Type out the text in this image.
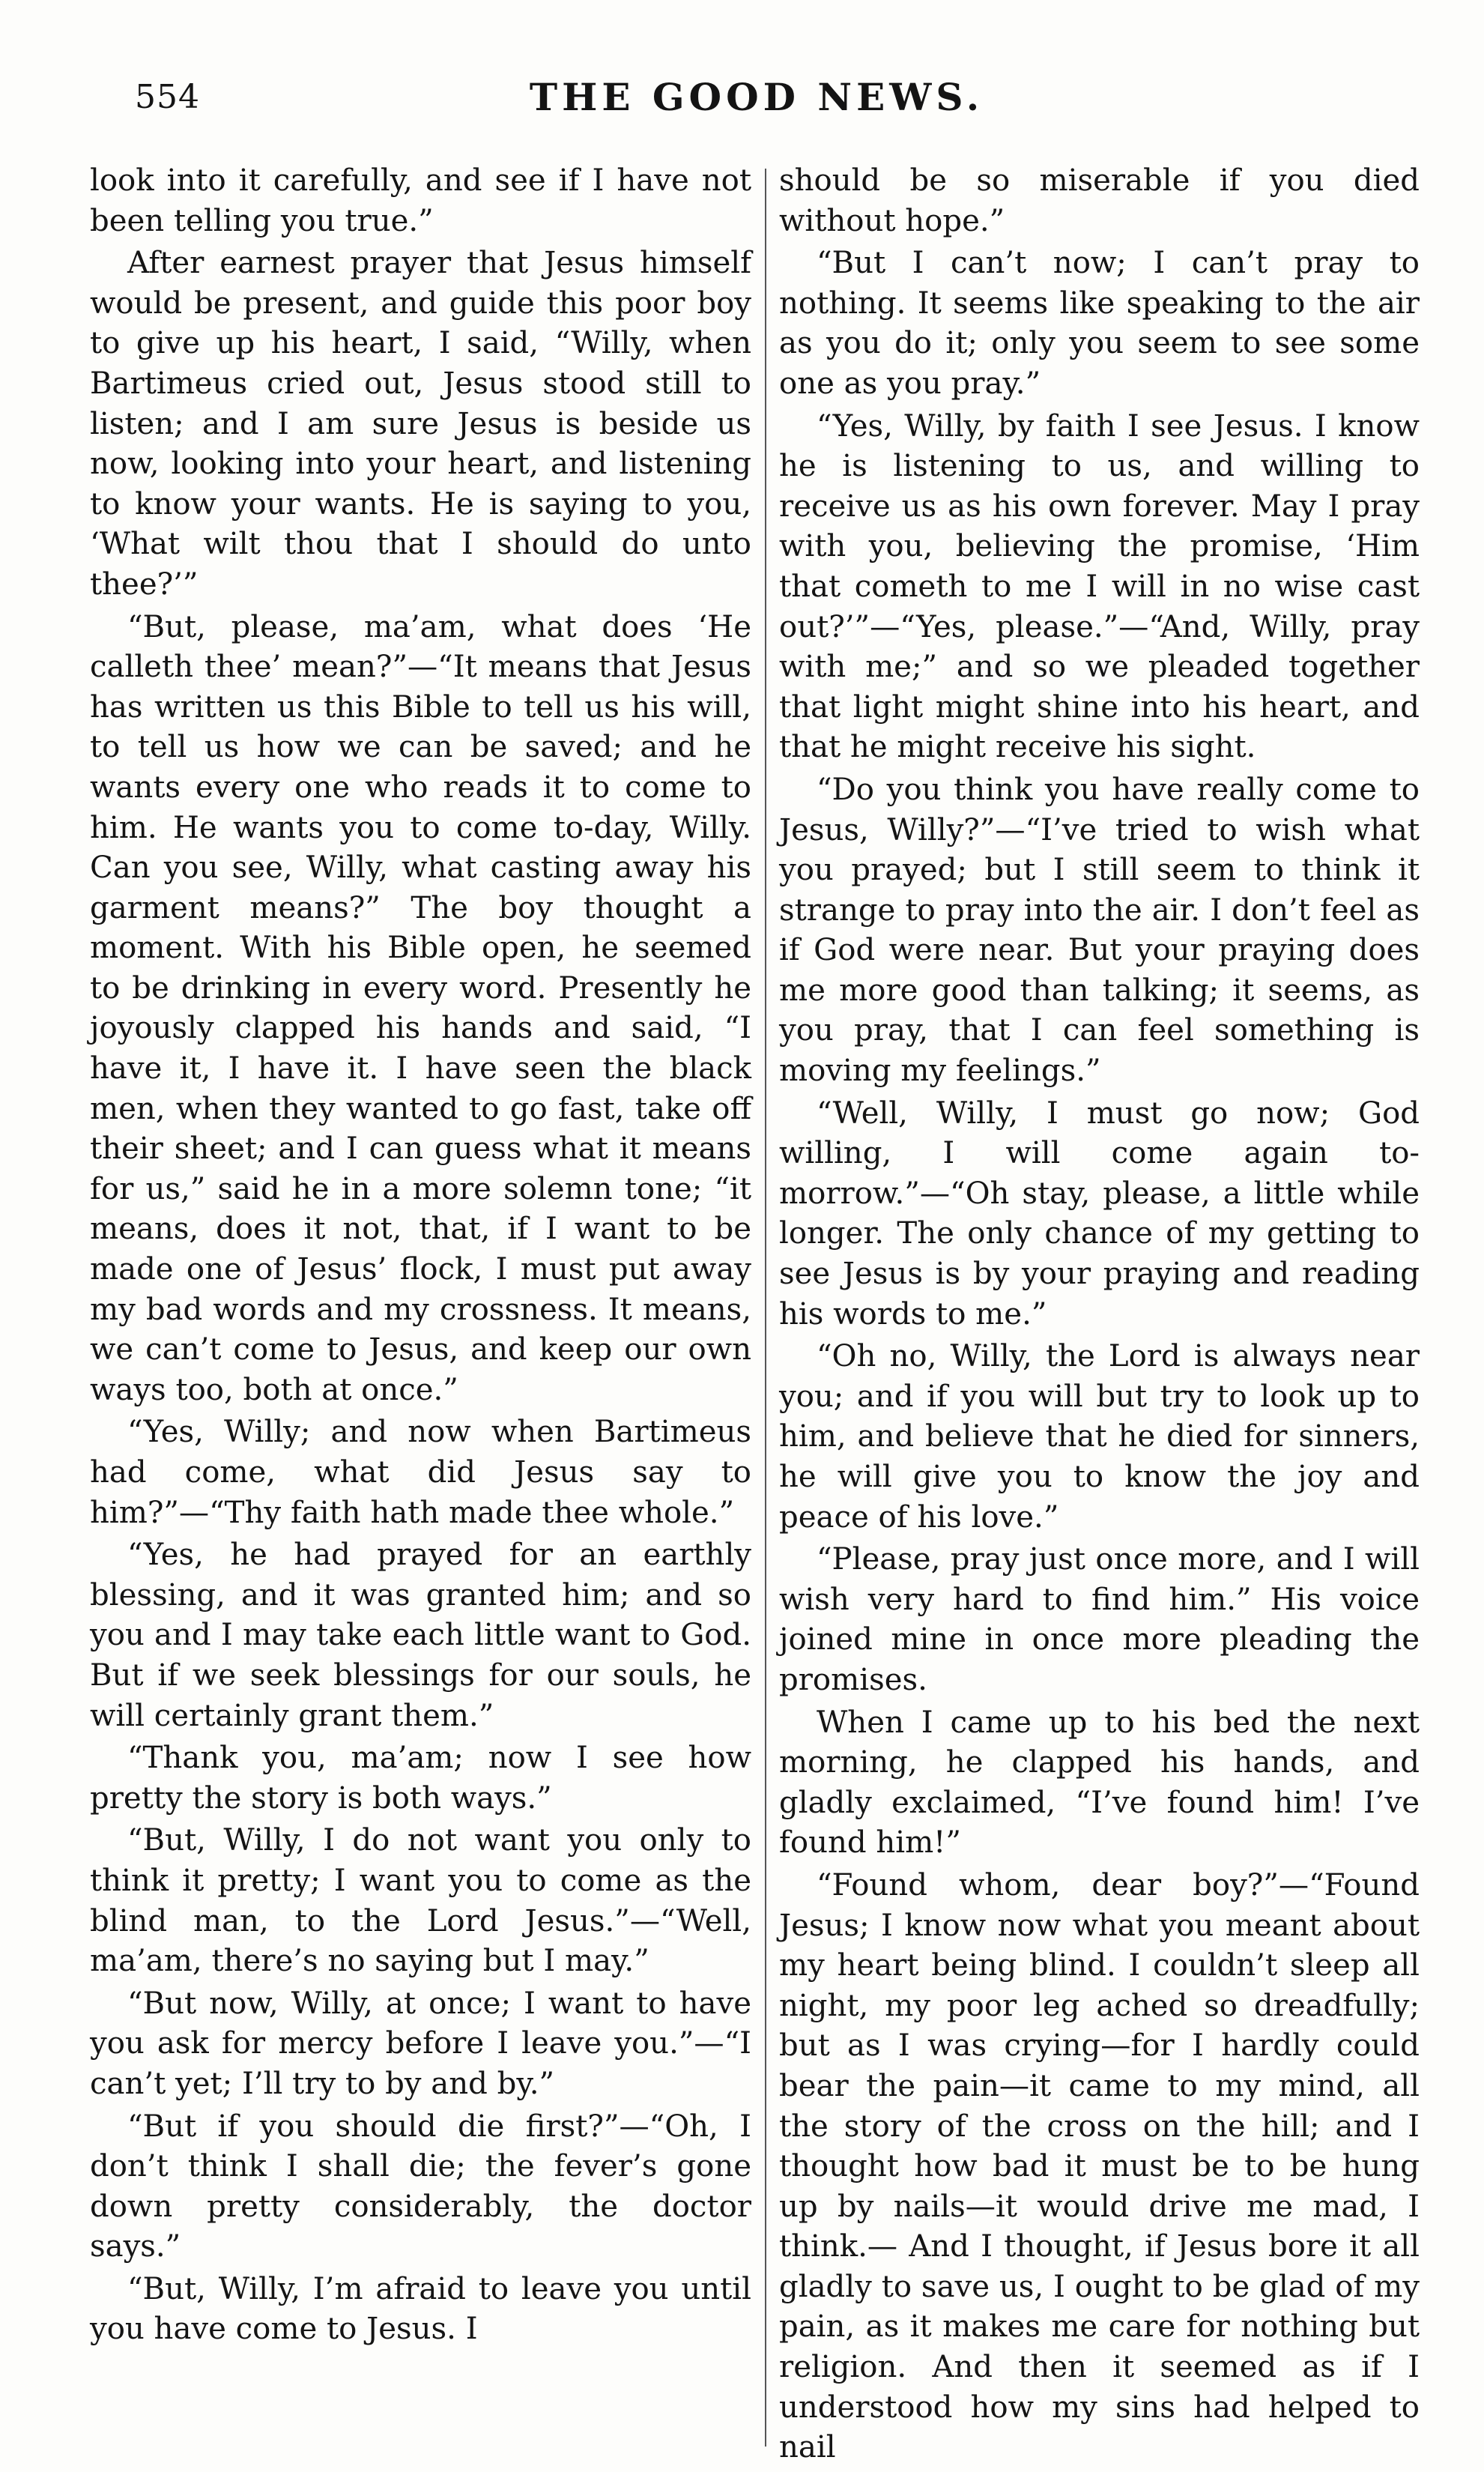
554	THE GOOD NEWS.

look into it carefully, and see if I have not been telling you true.”

After earnest prayer that Jesus himself would be present, and guide this poor boy to give up his heart, I said, “Willy, when Bartimeus cried out, Jesus stood still to listen; and I am sure Jesus is beside us now, looking into your heart, and listening to know your wants. He is saying to you, ‘What wilt thou that I should do unto thee?’”

“But, please, ma’am, what does ‘He calleth thee’ mean?”—“It means that Jesus has written us this Bible to tell us his will, to tell us how we can be saved; and he wants every one who reads it to come to him. He wants you to come to-day, Willy. Can you see, Willy, what casting away his garment means?” The boy thought a moment. With his Bible open, he seemed to be drinking in every word. Presently he joyously clapped his hands and said, “I have it, I have it. I have seen the black men, when they wanted to go fast, take off their sheet; and I can guess what it means for us,” said he in a more solemn tone; “it means, does it not, that, if I want to be made one of Jesus’ flock, I must put away my bad words and my crossness. It means, we can’t come to Jesus, and keep our own ways too, both at once.”

“Yes, Willy; and now when Bartimeus had come, what did Jesus say to him?”—“Thy faith hath made thee whole.”

“Yes, he had prayed for an earthly blessing, and it was granted him; and so you and I may take each little want to God. But if we seek blessings for our souls, he will certainly grant them.”

“Thank you, ma’am; now I see how pretty the story is both ways.”

“But, Willy, I do not want you only to think it pretty; I want you to come as the blind man, to the Lord Jesus.”—“Well, ma’am, there’s no saying but I may.”

“But now, Willy, at once; I want to have you ask for mercy before I leave you.”—“I can’t yet; I’ll try to by and by.”

“But if you should die first?”—“Oh, I don’t think I shall die; the fever’s gone down pretty considerably, the doctor says.”

“But, Willy, I’m afraid to leave you until you have come to Jesus. I

should be so miserable if you died without hope.”

“But I can’t now; I can’t pray to nothing. It seems like speaking to the air as you do it; only you seem to see some one as you pray.”

“Yes, Willy, by faith I see Jesus. I know he is listening to us, and willing to receive us as his own forever. May I pray with you, believing the promise, ‘Him that cometh to me I will in no wise cast out?’”—“Yes, please.”—“And, Willy, pray with me;” and so we pleaded together that light might shine into his heart, and that he might receive his sight.

“Do you think you have really come to Jesus, Willy?”—“I’ve tried to wish what you prayed; but I still seem to think it strange to pray into the air. I don’t feel as if God were near. But your praying does me more good than talking; it seems, as you pray, that I can feel something is moving my feelings.”

“Well, Willy, I must go now; God willing, I will come again to-morrow.”—“Oh stay, please, a little while longer. The only chance of my getting to see Jesus is by your praying and reading his words to me.”

“Oh no, Willy, the Lord is always near you; and if you will but try to look up to him, and believe that he died for sinners, he will give you to know the joy and peace of his love.”

“Please, pray just once more, and I will wish very hard to find him.” His voice joined mine in once more pleading the promises.

When I came up to his bed the next morning, he clapped his hands, and gladly exclaimed, “I’ve found him! I’ve found him!”

“Found whom, dear boy?”—“Found Jesus; I know now what you meant about my heart being blind. I couldn’t sleep all night, my poor leg ached so dreadfully; but as I was crying—for I hardly could bear the pain—it came to my mind, all the story of the cross on the hill; and I thought how bad it must be to be hung up by nails—it would drive me mad, I think.— And I thought, if Jesus bore it all gladly to save us, I ought to be glad of my pain, as it makes me care for nothing but religion. And then it seemed as if I understood how my sins had helped to nail
